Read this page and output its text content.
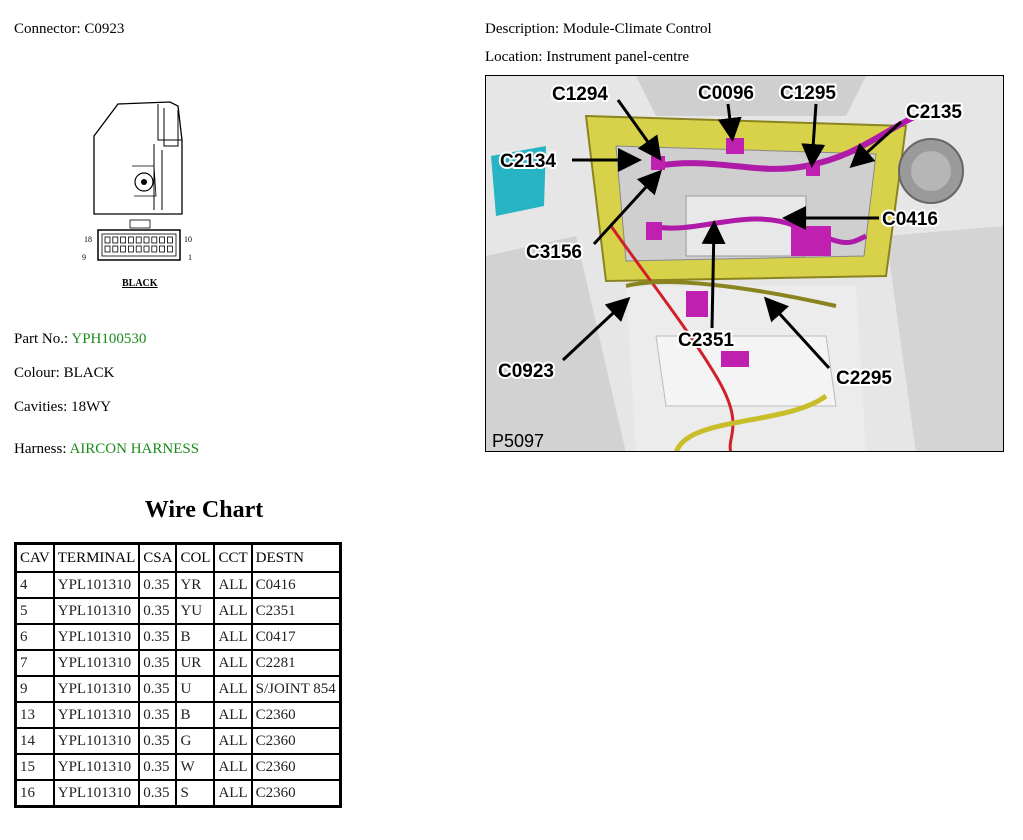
Connector: C0923
18	10
9	1
BLACK
Part No.: YPH100530
Colour: BLACK
Cavities: 18WY
Harness: AIRCON HARNESS
Description: Module-Climate Control
Location: Instrument panel-centre
C1294	C0096 C1295
C2135
C2134
C0416
C3156
C2351
C0923	C2295
P5097
Wire Chart
CAV	TERMINAL	CSA	COL	CCT	DESTN
4	YPL101310	0.35	YR	ALL	C0416
5	YPL101310	0.35	YU	ALL	C2351
6	YPL101310	0.35	B	ALL	C0417
7	YPL101310	0.35	UR	ALL	C2281
9	YPL101310	0.35	U	ALL	S/JOINT 854
13	YPL101310	0.35	B	ALL	C2360
14	YPL101310	0.35	G	ALL	C2360
15	YPL101310	0.35	W	ALL	C2360
16	YPL101310	0.35	S	ALL	C2360
